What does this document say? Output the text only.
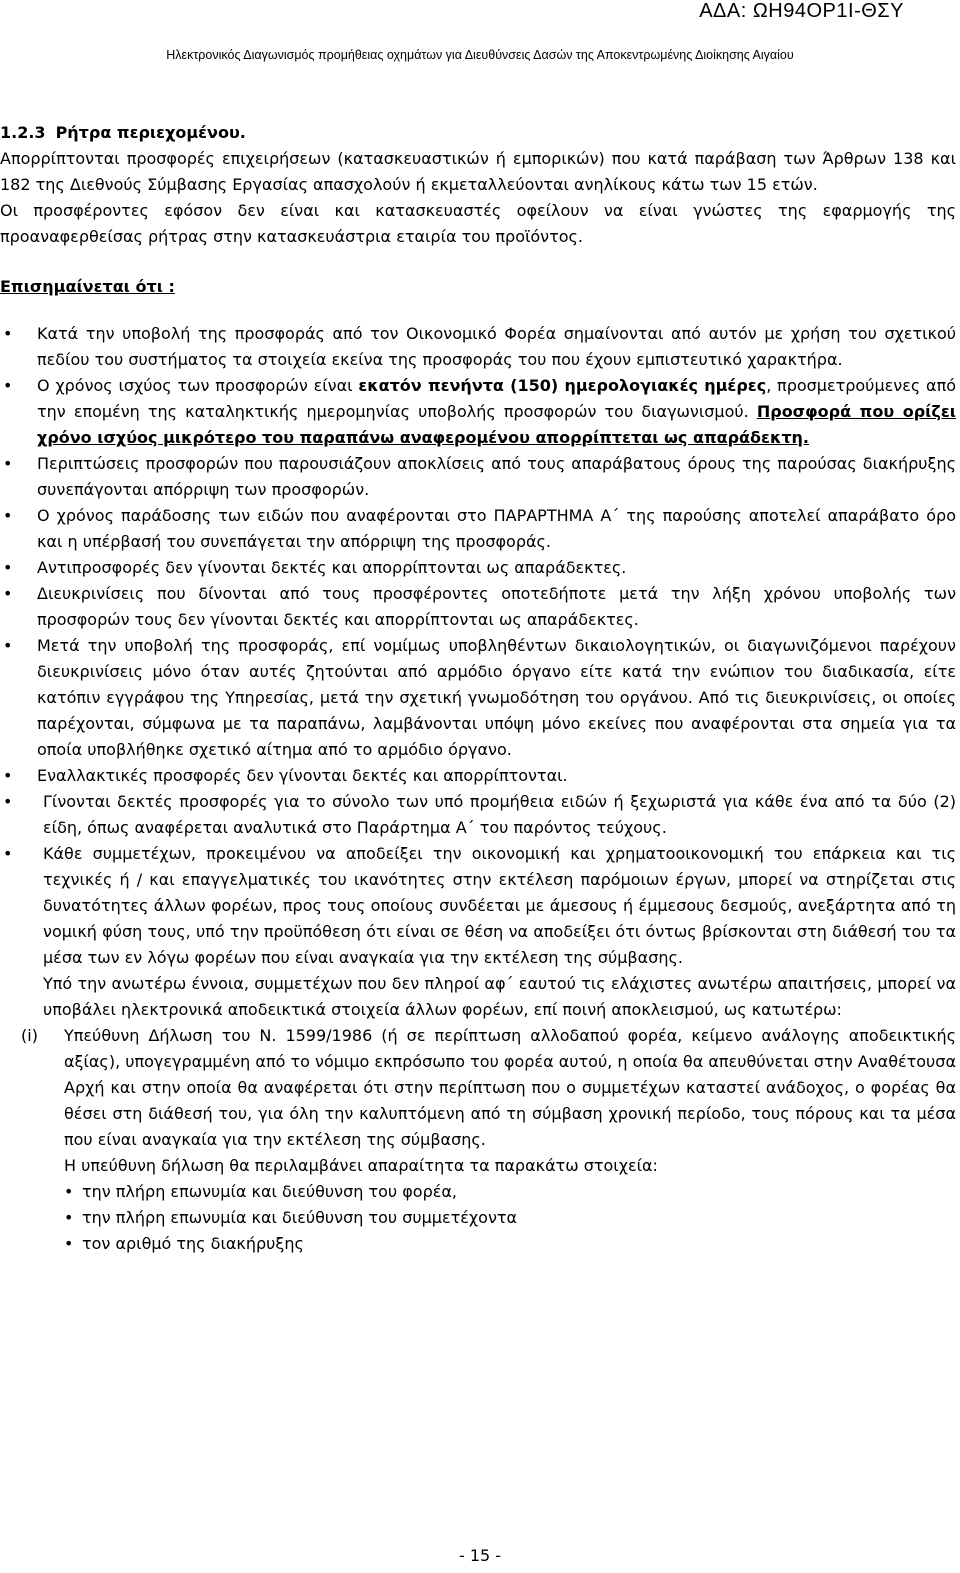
ΑΔΑ: ΩΗ94ΟΡ1Ι-ΘΣΥ
Ηλεκτρονικός Διαγωνισμός προμήθειας οχημάτων για Διευθύνσεις Δασών της Αποκεντρωμένης Διοίκησης Αιγαίου

1.2.3 Ρήτρα περιεχομένου.

Απορρίπτονται προσφορές επιχειρήσεων (κατασκευαστικών ή εμπορικών) που κατά παράβαση των Άρθρων 138 και 182 της Διεθνούς Σύμβασης Εργασίας απασχολούν ή εκμεταλλεύονται ανηλίκους κάτω των 15 ετών.

Οι προσφέροντες εφόσον δεν είναι και κατασκευαστές οφείλουν να είναι γνώστες της εφαρμογής της προαναφερθείσας ρήτρας στην κατασκευάστρια εταιρία του προϊόντος.

Επισημαίνεται ότι :

• Κατά την υποβολή της προσφοράς από τον Οικονομικό Φορέα σημαίνονται από αυτόν με χρήση του σχετικού πεδίου του συστήματος τα στοιχεία εκείνα της προσφοράς του που έχουν εμπιστευτικό χαρακτήρα.
• Ο χρόνος ισχύος των προσφορών είναι εκατόν πενήντα (150) ημερολογιακές ημέρες, προσμετρούμενες από την επομένη της καταληκτικής ημερομηνίας υποβολής προσφορών του διαγωνισμού. Προσφορά που ορίζει χρόνο ισχύος μικρότερο του παραπάνω αναφερομένου απορρίπτεται ως απαράδεκτη.
• Περιπτώσεις προσφορών που παρουσιάζουν αποκλίσεις από τους απαράβατους όρους της παρούσας διακήρυξης συνεπάγονται απόρριψη των προσφορών.
• Ο χρόνος παράδοσης των ειδών που αναφέρονται στο ΠΑΡΑΡΤΗΜΑ Α΄ της παρούσης αποτελεί απαράβατο όρο και η υπέρβασή του συνεπάγεται την απόρριψη της προσφοράς.
• Αντιπροσφορές δεν γίνονται δεκτές και απορρίπτονται ως απαράδεκτες.
• Διευκρινίσεις που δίνονται από τους προσφέροντες οποτεδήποτε μετά την λήξη χρόνου υποβολής των προσφορών τους δεν γίνονται δεκτές και απορρίπτονται ως απαράδεκτες.
• Μετά την υποβολή της προσφοράς, επί νομίμως υποβληθέντων δικαιολογητικών, οι διαγωνιζόμενοι παρέχουν διευκρινίσεις μόνο όταν αυτές ζητούνται από αρμόδιο όργανο είτε κατά την ενώπιον του διαδικασία, είτε κατόπιν εγγράφου της Υπηρεσίας, μετά την σχετική γνωμοδότηση του οργάνου. Από τις διευκρινίσεις, οι οποίες παρέχονται, σύμφωνα με τα παραπάνω, λαμβάνονται υπόψη μόνο εκείνες που αναφέρονται στα σημεία για τα οποία υποβλήθηκε σχετικό αίτημα από το αρμόδιο όργανο.
• Εναλλακτικές προσφορές δεν γίνονται δεκτές και απορρίπτονται.
• Γίνονται δεκτές προσφορές για το σύνολο των υπό προμήθεια ειδών ή ξεχωριστά για κάθε ένα από τα δύο (2) είδη, όπως αναφέρεται αναλυτικά στο Παράρτημα Α΄ του παρόντος τεύχους.
• Κάθε συμμετέχων, προκειμένου να αποδείξει την οικονομική και χρηματοοικονομική του επάρκεια και τις τεχνικές ή / και επαγγελματικές του ικανότητες στην εκτέλεση παρόμοιων έργων, μπορεί να στηρίζεται στις δυνατότητες άλλων φορέων, προς τους οποίους συνδέεται με άμεσους ή έμμεσους δεσμούς, ανεξάρτητα από τη νομική φύση τους, υπό την προϋπόθεση ότι είναι σε θέση να αποδείξει ότι όντως βρίσκονται στη διάθεσή του τα μέσα των εν λόγω φορέων που είναι αναγκαία για την εκτέλεση της σύμβασης.

Υπό την ανωτέρω έννοια, συμμετέχων που δεν πληροί αφ΄ εαυτού τις ελάχιστες ανωτέρω απαιτήσεις, μπορεί να υποβάλει ηλεκτρονικά αποδεικτικά στοιχεία άλλων φορέων, επί ποινή αποκλεισμού, ως κατωτέρω:

(i) Υπεύθυνη Δήλωση του Ν. 1599/1986 (ή σε περίπτωση αλλοδαπού φορέα, κείμενο ανάλογης αποδεικτικής αξίας), υπογεγραμμένη από το νόμιμο εκπρόσωπο του φορέα αυτού, η οποία θα απευθύνεται στην Αναθέτουσα Αρχή και στην οποία θα αναφέρεται ότι στην περίπτωση που ο συμμετέχων καταστεί ανάδοχος, ο φορέας θα θέσει στη διάθεσή του, για όλη την καλυπτόμενη από τη σύμβαση χρονική περίοδο, τους πόρους και τα μέσα που είναι αναγκαία για την εκτέλεση της σύμβασης.

Η υπεύθυνη δήλωση θα περιλαμβάνει απαραίτητα τα παρακάτω στοιχεία:

• την πλήρη επωνυμία και διεύθυνση του φορέα,
• την πλήρη επωνυμία και διεύθυνση του συμμετέχοντα
• τον αριθμό της διακήρυξης
- 15 -
